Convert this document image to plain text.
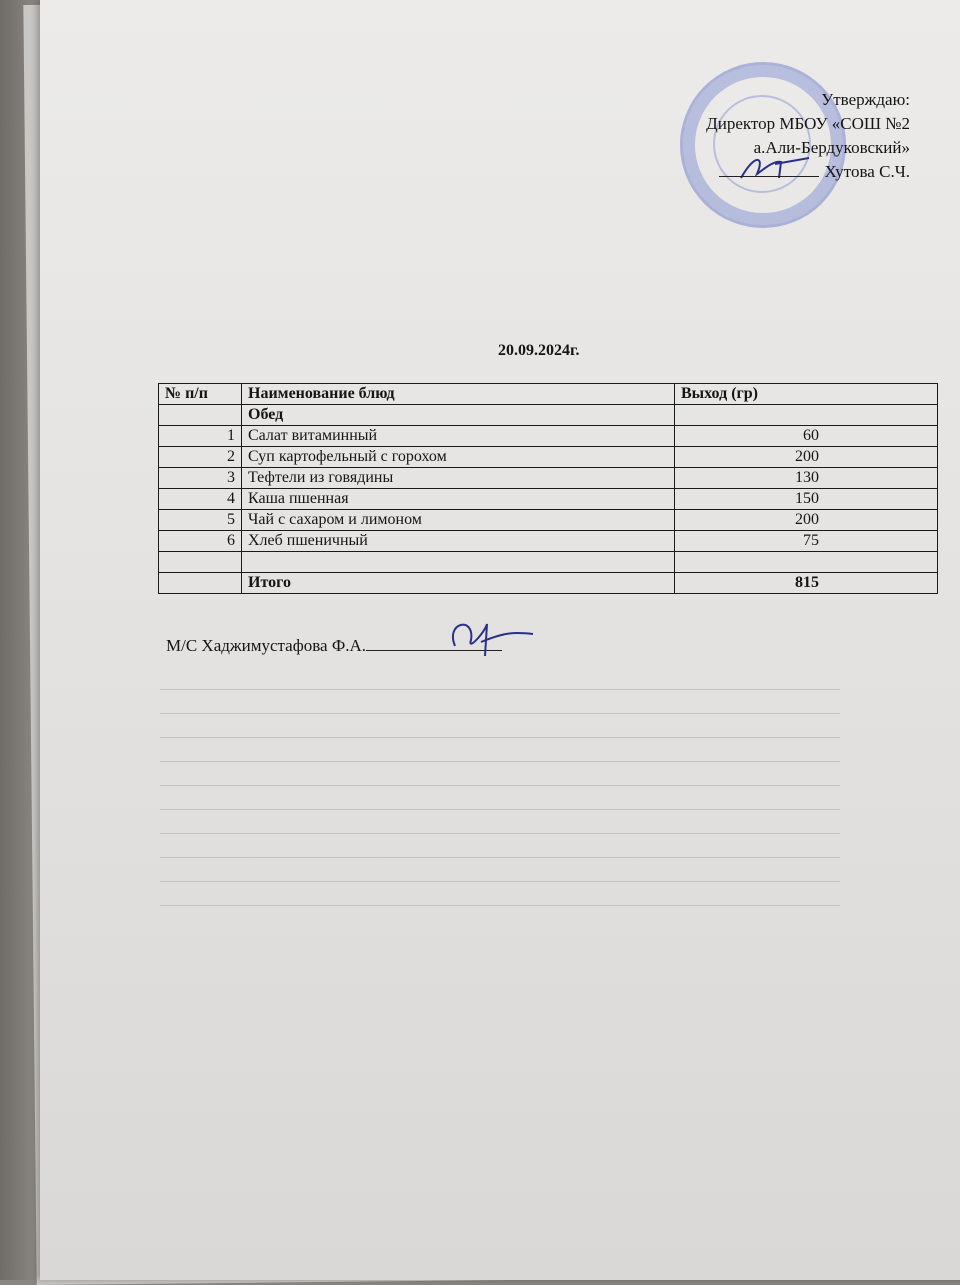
Утверждаю:
Директор МБОУ «СОШ №2
а.Али-Бердуковский»
Хутова С.Ч.
20.09.2024г.
№ п/п	Наименование блюд	Выход (гр)
	Обед	
1	Салат витаминный	60
2	Суп картофельный с горохом	200
3	Тефтели из говядины	130
4	Каша пшенная	150
5	Чай с сахаром и лимоном	200
6	Хлеб пшеничный	75

	Итого	815
М/С Хаджимустафова Ф.А.
